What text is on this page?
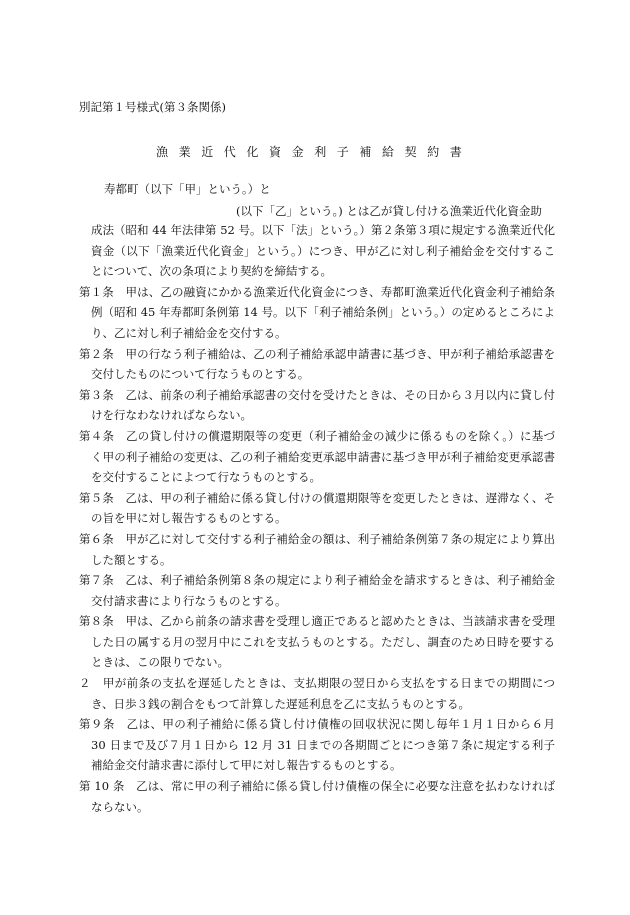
別記第１号様式(第３条関係)
漁業近代化資金利子補給契約書
寿都町（以下「甲」という。）と
(以下「乙」という。) とは乙が貸し付ける漁業近代化資金助

成法（昭和 44 年法律第 52 号。以下「法」という。）第２条第３項に規定する漁業近代化資金（以下「漁業近代化資金」という。）につき、甲が乙に対し利子補給金を交付することについて、次の条項により契約を締結する。

第１条　甲は、乙の融資にかかる漁業近代化資金につき、寿都町漁業近代化資金利子補給条例（昭和 45 年寿都町条例第 14 号。以下「利子補給条例」という。）の定めるところにより、乙に対し利子補給金を交付する。

第２条　甲の行なう利子補給は、乙の利子補給承認申請書に基づき、甲が利子補給承認書を交付したものについて行なうものとする。

第３条　乙は、前条の利子補給承認書の交付を受けたときは、その日から３月以内に貸し付けを行なわなければならない。

第４条　乙の貸し付けの償還期限等の変更（利子補給金の減少に係るものを除く。）に基づく甲の利子補給の変更は、乙の利子補給変更承認申請書に基づき甲が利子補給変更承認書を交付することによつて行なうものとする。

第５条　乙は、甲の利子補給に係る貸し付けの償還期限等を変更したときは、遅滞なく、その旨を甲に対し報告するものとする。

第６条　甲が乙に対して交付する利子補給金の額は、利子補給条例第７条の規定により算出した額とする。

第７条　乙は、利子補給条例第８条の規定により利子補給金を請求するときは、利子補給金交付請求書により行なうものとする。

第８条　甲は、乙から前条の請求書を受理し適正であると認めたときは、当該請求書を受理した日の属する月の翌月中にこれを支払うものとする。ただし、調査のため日時を要するときは、この限りでない。

２　甲が前条の支払を遅延したときは、支払期限の翌日から支払をする日までの期間につき、日歩３銭の割合をもつて計算した遅延利息を乙に支払うものとする。

第９条　乙は、甲の利子補給に係る貸し付け債権の回収状況に関し毎年１月１日から６月 30 日まで及び７月１日から 12 月 31 日までの各期間ごとにつき第７条に規定する利子補給金交付請求書に添付して甲に対し報告するものとする。

第 10 条　乙は、常に甲の利子補給に係る貸し付け債権の保全に必要な注意を払わなければならない。
